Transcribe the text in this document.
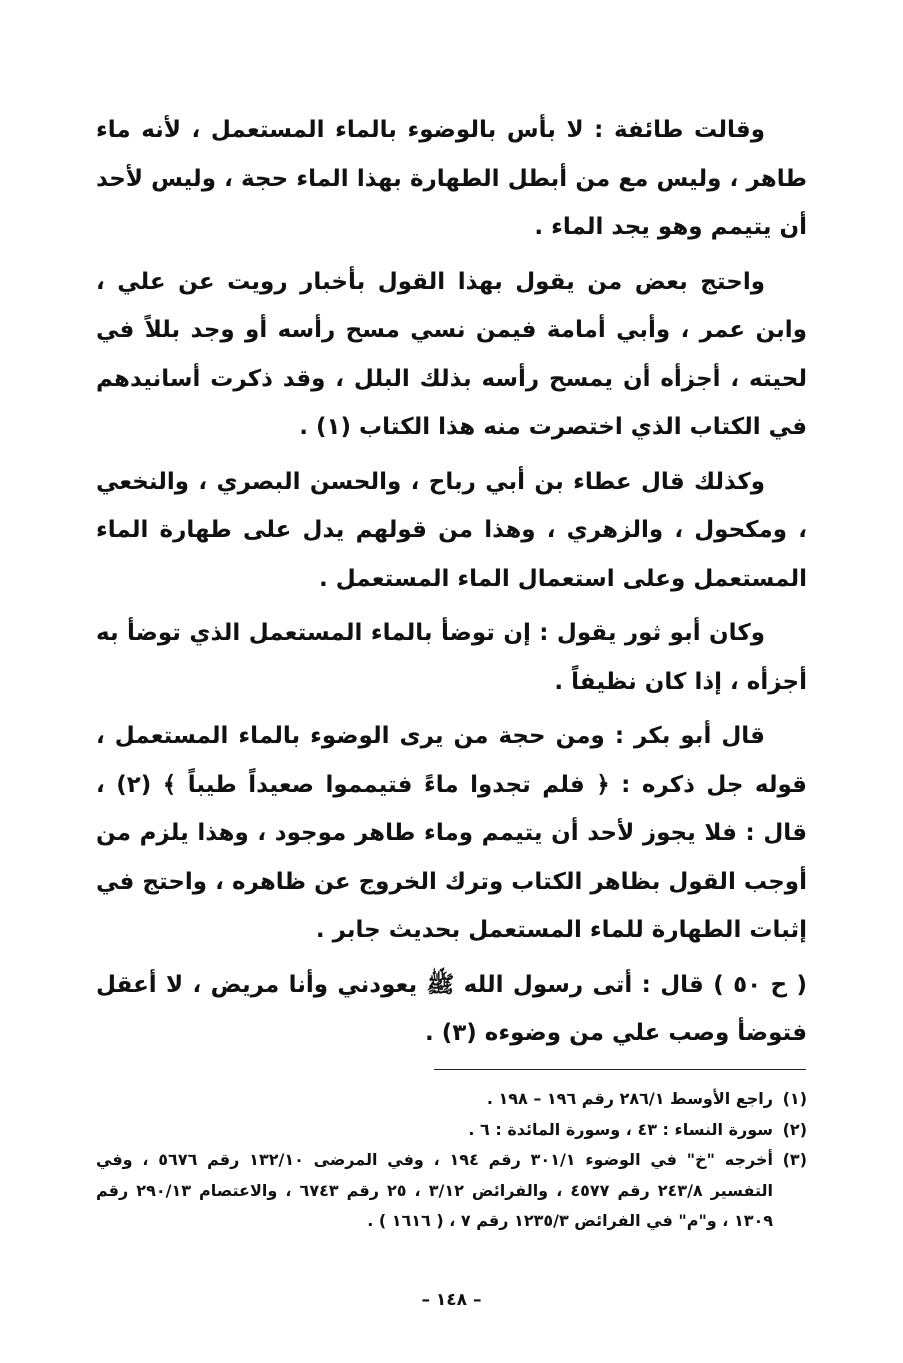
وقالت طائفة : لا بأس بالوضوء بالماء المستعمل ، لأنه ماء طاهر ، وليس مع من أبطل الطهارة بهذا الماء حجة ، وليس لأحد أن يتيمم وهو يجد الماء .

واحتج بعض من يقول بهذا القول بأخبار رويت عن علي ، وابن عمر ، وأبي أمامة فيمن نسي مسح رأسه أو وجد بللاً في لحيته ، أجزأه أن يمسح رأسه بذلك البلل ، وقد ذكرت أسانيدهم في الكتاب الذي اختصرت منه هذا الكتاب (١) .

وكذلك قال عطاء بن أبي رباح ، والحسن البصري ، والنخعي ، ومكحول ، والزهري ، وهذا من قولهم يدل على طهارة الماء المستعمل وعلى استعمال الماء المستعمل .

وكان أبو ثور يقول : إن توضأ بالماء المستعمل الذي توضأ به أجزأه ، إذا كان نظيفاً .

قال أبو بكر : ومن حجة من يرى الوضوء بالماء المستعمل ، قوله جل ذكره : ﴿ فلم تجدوا ماءً فتيمموا صعيداً طيباً ﴾ (٢) ، قال : فلا يجوز لأحد أن يتيمم وماء طاهر موجود ، وهذا يلزم من أوجب القول بظاهر الكتاب وترك الخروج عن ظاهره ، واحتج في إثبات الطهارة للماء المستعمل بحديث جابر .

( ح ٥٠ ) قال : أتى رسول الله ﷺ يعودني وأنا مريض ، لا أعقل فتوضأ وصب علي من وضوءه (٣) .

(١)
راجع الأوسط ٢٨٦/١ رقم ١٩٦ – ١٩٨ .
(٢)
سورة النساء : ٤٣ ، وسورة المائدة : ٦ .
(٣)
أخرجه "خ" في الوضوء ٣٠١/١ رقم ١٩٤ ، وفي المرضى ١٣٢/١٠ رقم ٥٦٧٦ ، وفي التفسير ٢٤٣/٨ رقم ٤٥٧٧ ، والفرائض ٣/١٢ ، ٢٥ رقم ٦٧٤٣ ، والاعتصام ٢٩٠/١٣ رقم ١٣٠٩ ، و"م" في الفرائض ١٢٣٥/٣ رقم ٧ ، ( ١٦١٦ ) .
– ١٤٨ –
